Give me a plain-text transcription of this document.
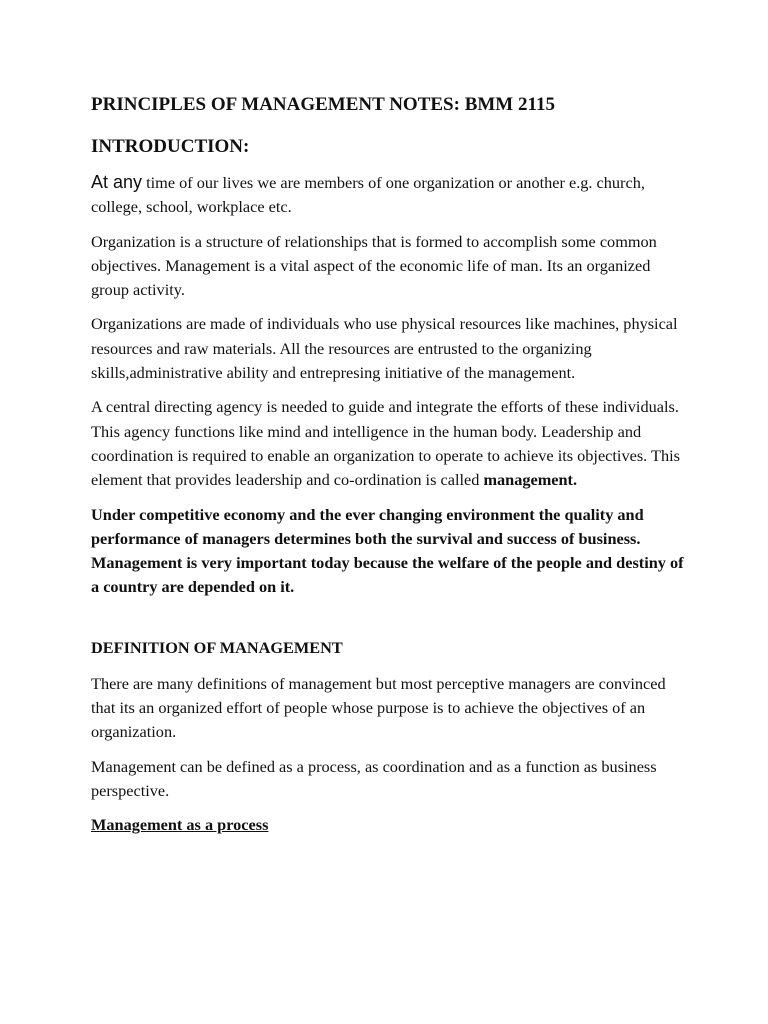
PRINCIPLES OF MANAGEMENT NOTES: BMM 2115
INTRODUCTION:

At any time of our lives we are members of one organization or another e.g. church, college, school, workplace etc.

Organization is a structure of relationships that is formed to accomplish some common objectives. Management is a vital aspect of the economic life of man. Its an organized group activity.

Organizations are made of individuals who use physical resources like machines, physical resources and raw materials. All the resources are entrusted to the organizing skills,administrative ability and entrepresing initiative of the management.

A central directing agency is needed to guide and integrate the efforts of these individuals. This agency functions like mind and intelligence in the human body. Leadership and coordination is required to enable an organization to operate to achieve its objectives. This element that provides leadership and co-ordination is called management.

Under competitive economy and the ever changing environment the quality and performance of managers determines both the survival and success of business. Management is very important today because the welfare of the people and destiny of a country are depended on it.

DEFINITION OF MANAGEMENT

There are many definitions of management but most perceptive managers are convinced that its an organized effort of people whose purpose is to achieve the objectives of an organization.

Management can be defined as a process, as coordination and as a function as business perspective.

Management as a process
